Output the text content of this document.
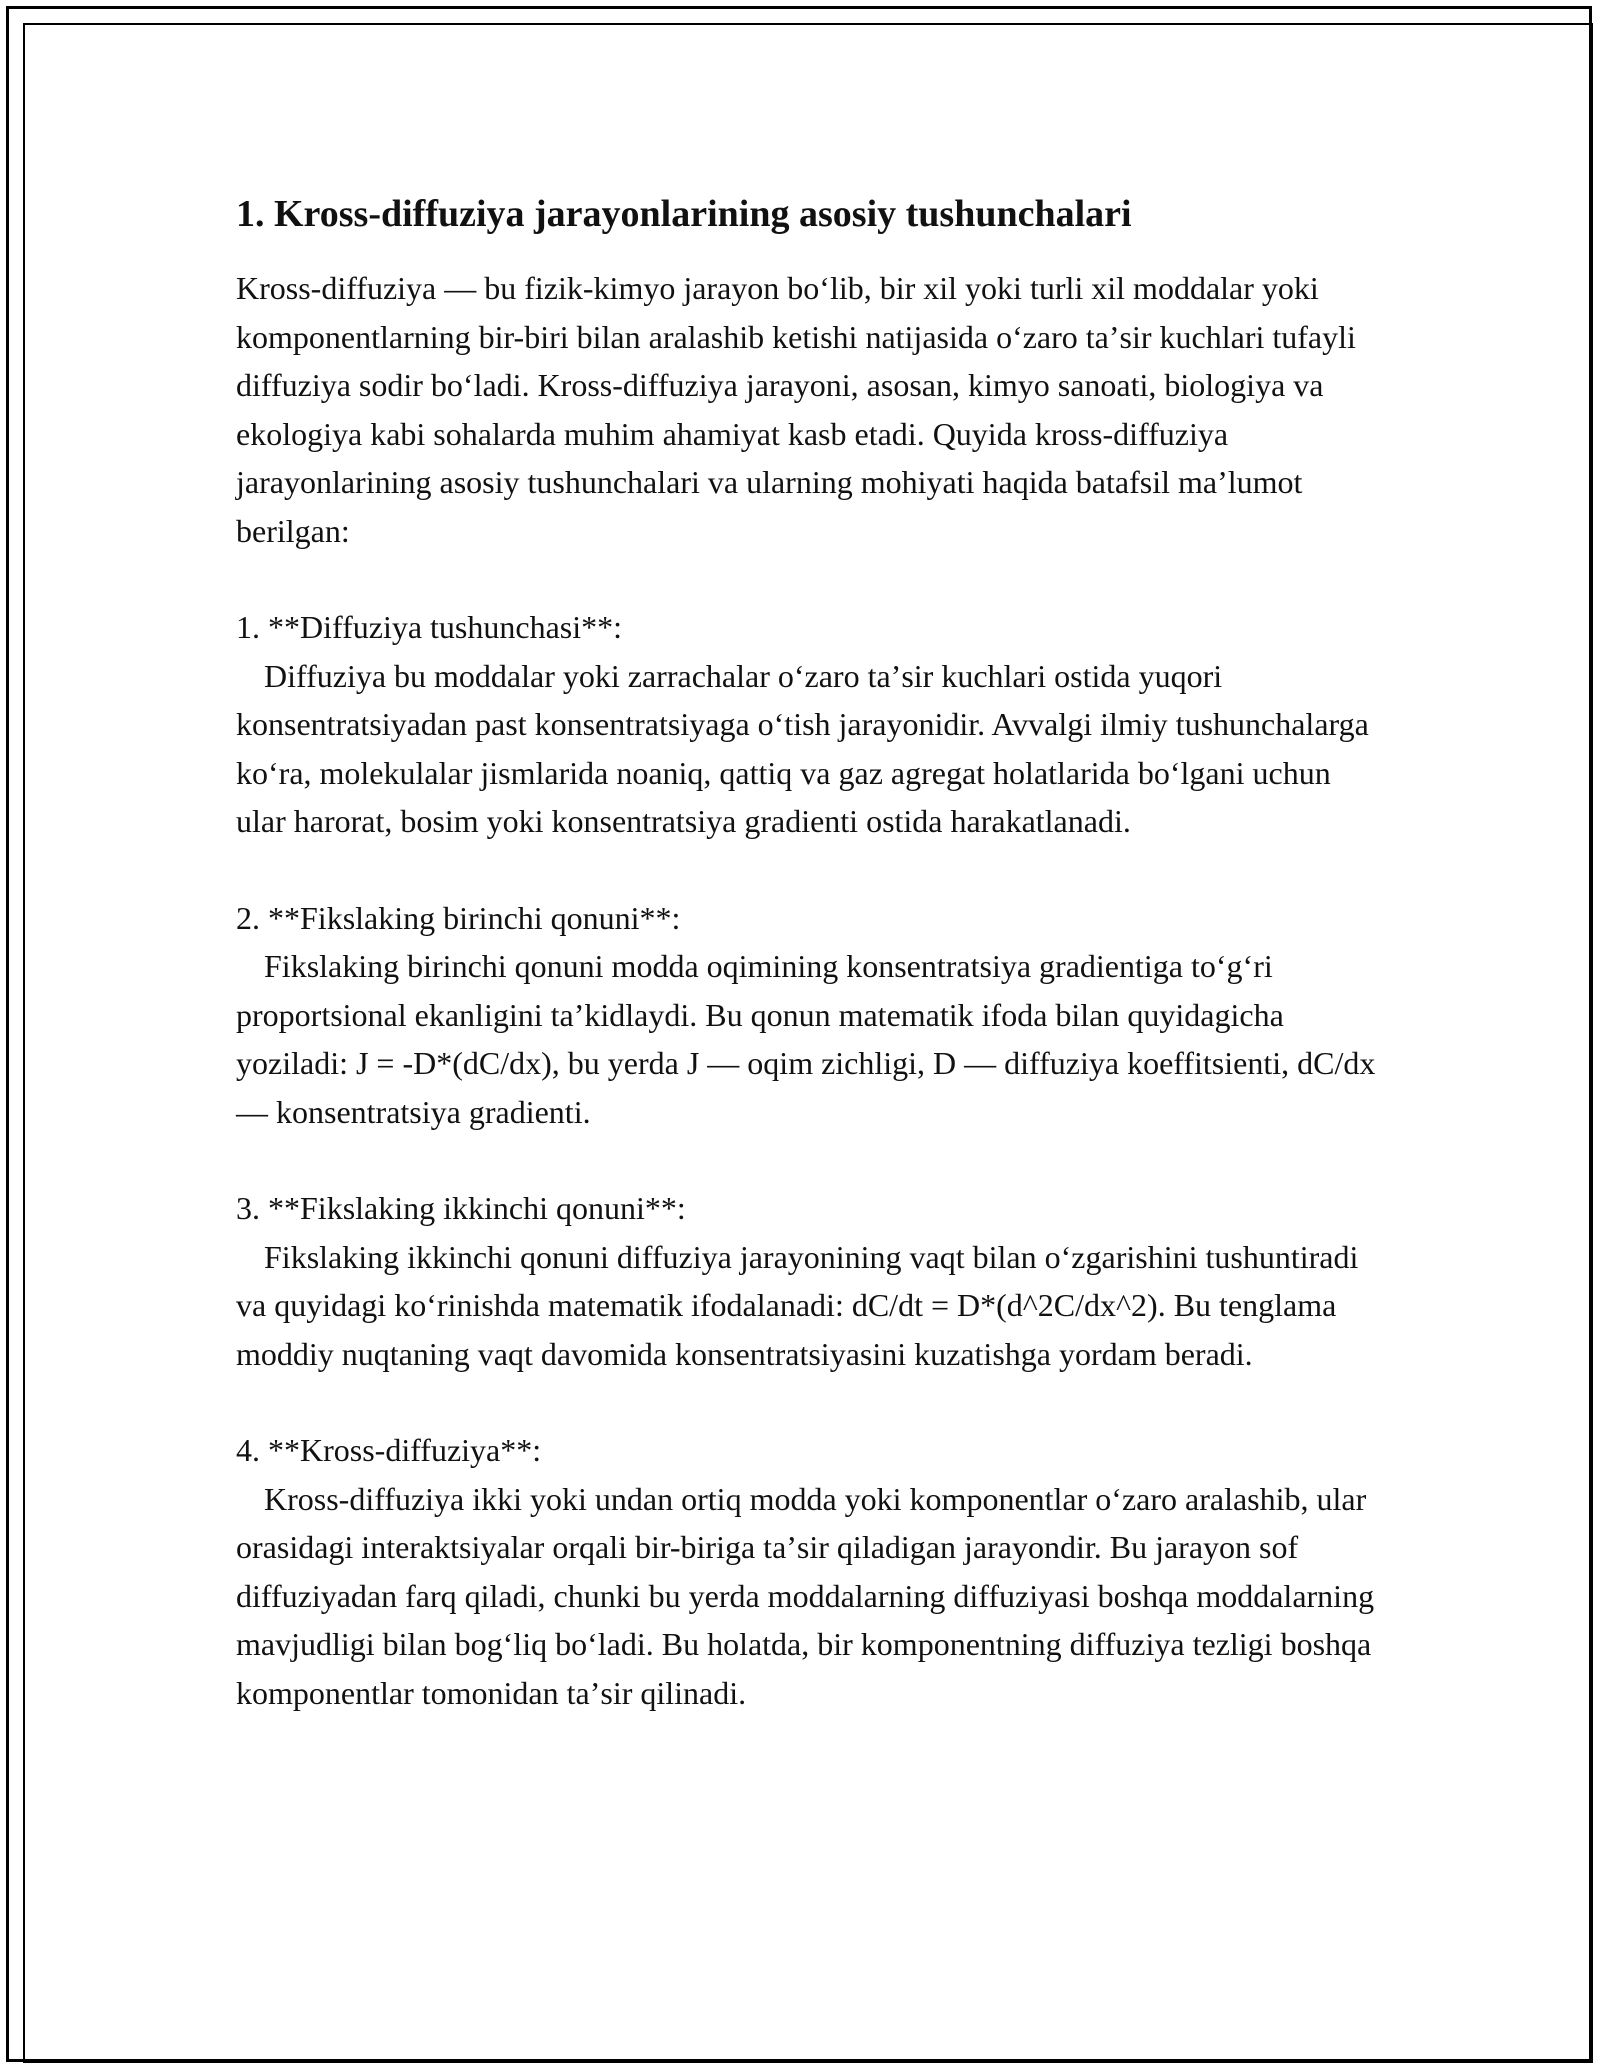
1. Kross-diffuziya jarayonlarining asosiy tushunchalari

Kross-diffuziya — bu fizik-kimyo jarayon boʻlib, bir xil yoki turli xil moddalar yoki komponentlarning bir-biri bilan aralashib ketishi natijasida oʻzaro taʼsir kuchlari tufayli diffuziya sodir boʻladi. Kross-diffuziya jarayoni, asosan, kimyo sanoati, biologiya va ekologiya kabi sohalarda muhim ahamiyat kasb etadi. Quyida kross-diffuziya jarayonlarining asosiy tushunchalari va ularning mohiyati haqida batafsil maʼlumot berilgan:

1. **Diffuziya tushunchasi**:

Diffuziya bu moddalar yoki zarrachalar oʻzaro taʼsir kuchlari ostida yuqori konsentratsiyadan past konsentratsiyaga oʻtish jarayonidir. Avvalgi ilmiy tushunchalarga koʻra, molekulalar jismlarida noaniq, qattiq va gaz agregat holatlarida boʻlgani uchun ular harorat, bosim yoki konsentratsiya gradienti ostida harakatlanadi.

2. **Fikslaking birinchi qonuni**:

Fikslaking birinchi qonuni modda oqimining konsentratsiya gradientiga toʻgʻri proportsional ekanligini taʼkidlaydi. Bu qonun matematik ifoda bilan quyidagicha yoziladi: J = -D*(dC/dx), bu yerda J — oqim zichligi, D — diffuziya koeffitsienti, dC/dx — konsentratsiya gradienti.

3. **Fikslaking ikkinchi qonuni**:

Fikslaking ikkinchi qonuni diffuziya jarayonining vaqt bilan oʻzgarishini tushuntiradi va quyidagi koʻrinishda matematik ifodalanadi: dC/dt = D*(d^2C/dx^2). Bu tenglama moddiy nuqtaning vaqt davomida konsentratsiyasini kuzatishga yordam beradi.

4. **Kross-diffuziya**:

Kross-diffuziya ikki yoki undan ortiq modda yoki komponentlar oʻzaro aralashib, ular orasidagi interaktsiyalar orqali bir-biriga taʼsir qiladigan jarayondir. Bu jarayon sof diffuziyadan farq qiladi, chunki bu yerda moddalarning diffuziyasi boshqa moddalarning mavjudligi bilan bogʻliq boʻladi. Bu holatda, bir komponentning diffuziya tezligi boshqa komponentlar tomonidan taʼsir qilinadi.
